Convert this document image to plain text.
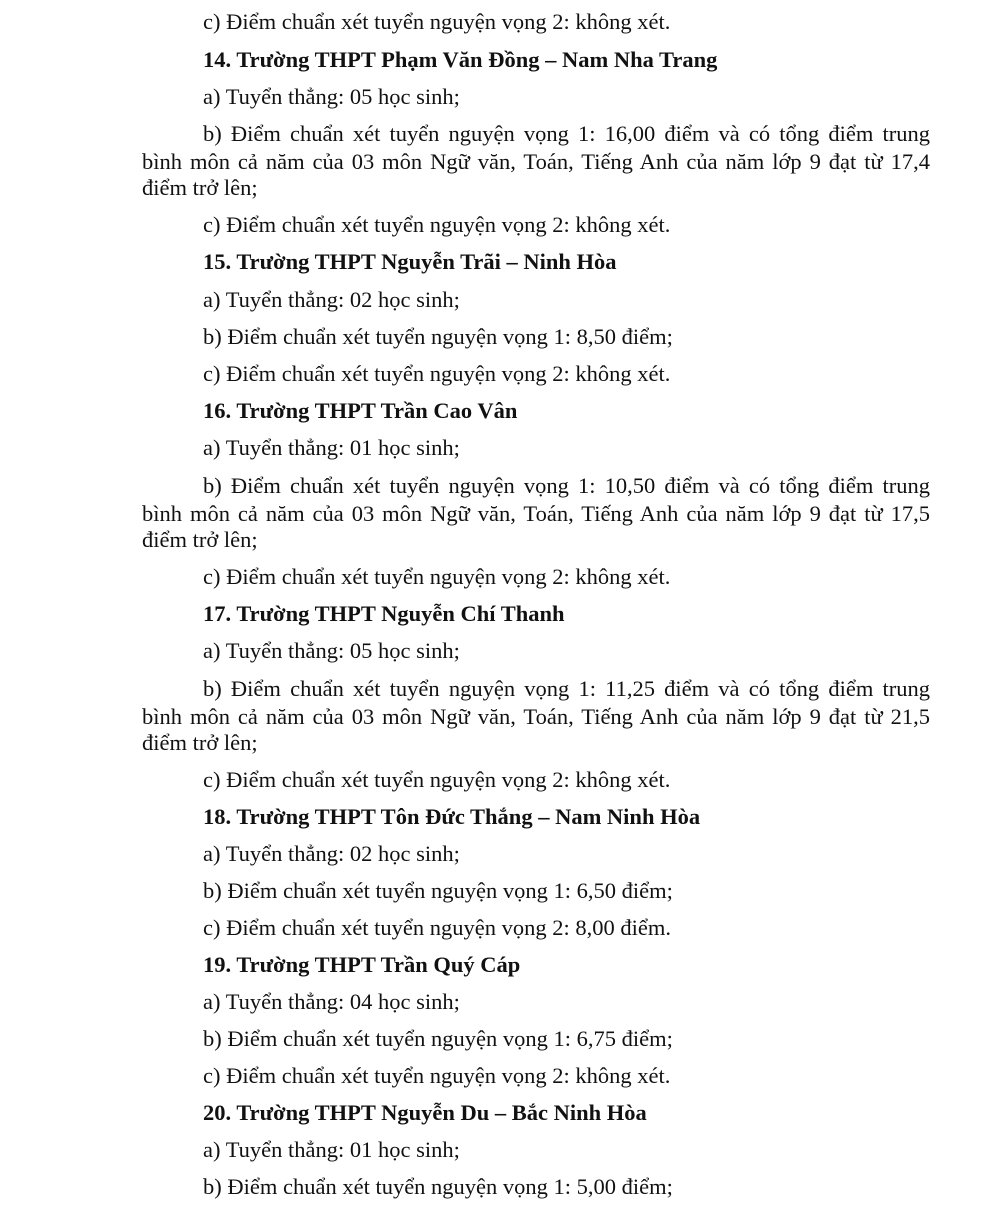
c) Điểm chuẩn xét tuyển nguyện vọng 2: không xét.
14. Trường THPT Phạm Văn Đồng – Nam Nha Trang
a) Tuyển thẳng: 05 học sinh;
b) Điểm chuẩn xét tuyển nguyện vọng 1: 16,00 điểm và có tổng điểm trung
bình môn cả năm của 03 môn Ngữ văn, Toán, Tiếng Anh của năm lớp 9 đạt từ 17,4
điểm trở lên;
c) Điểm chuẩn xét tuyển nguyện vọng 2: không xét.
15. Trường THPT Nguyễn Trãi – Ninh Hòa
a) Tuyển thẳng: 02 học sinh;
b) Điểm chuẩn xét tuyển nguyện vọng 1: 8,50 điểm;
c) Điểm chuẩn xét tuyển nguyện vọng 2: không xét.
16. Trường THPT Trần Cao Vân
a) Tuyển thẳng: 01 học sinh;
b) Điểm chuẩn xét tuyển nguyện vọng 1: 10,50 điểm và có tổng điểm trung
bình môn cả năm của 03 môn Ngữ văn, Toán, Tiếng Anh của năm lớp 9 đạt từ 17,5
điểm trở lên;
c) Điểm chuẩn xét tuyển nguyện vọng 2: không xét.
17. Trường THPT Nguyễn Chí Thanh
a) Tuyển thẳng: 05 học sinh;
b) Điểm chuẩn xét tuyển nguyện vọng 1: 11,25 điểm và có tổng điểm trung
bình môn cả năm của 03 môn Ngữ văn, Toán, Tiếng Anh của năm lớp 9 đạt từ 21,5
điểm trở lên;
c) Điểm chuẩn xét tuyển nguyện vọng 2: không xét.
18. Trường THPT Tôn Đức Thắng – Nam Ninh Hòa
a) Tuyển thẳng: 02 học sinh;
b) Điểm chuẩn xét tuyển nguyện vọng 1: 6,50 điểm;
c) Điểm chuẩn xét tuyển nguyện vọng 2: 8,00 điểm.
19. Trường THPT Trần Quý Cáp
a) Tuyển thẳng: 04 học sinh;
b) Điểm chuẩn xét tuyển nguyện vọng 1: 6,75 điểm;
c) Điểm chuẩn xét tuyển nguyện vọng 2: không xét.
20. Trường THPT Nguyễn Du – Bắc Ninh Hòa
a) Tuyển thẳng: 01 học sinh;
b) Điểm chuẩn xét tuyển nguyện vọng 1: 5,00 điểm;
